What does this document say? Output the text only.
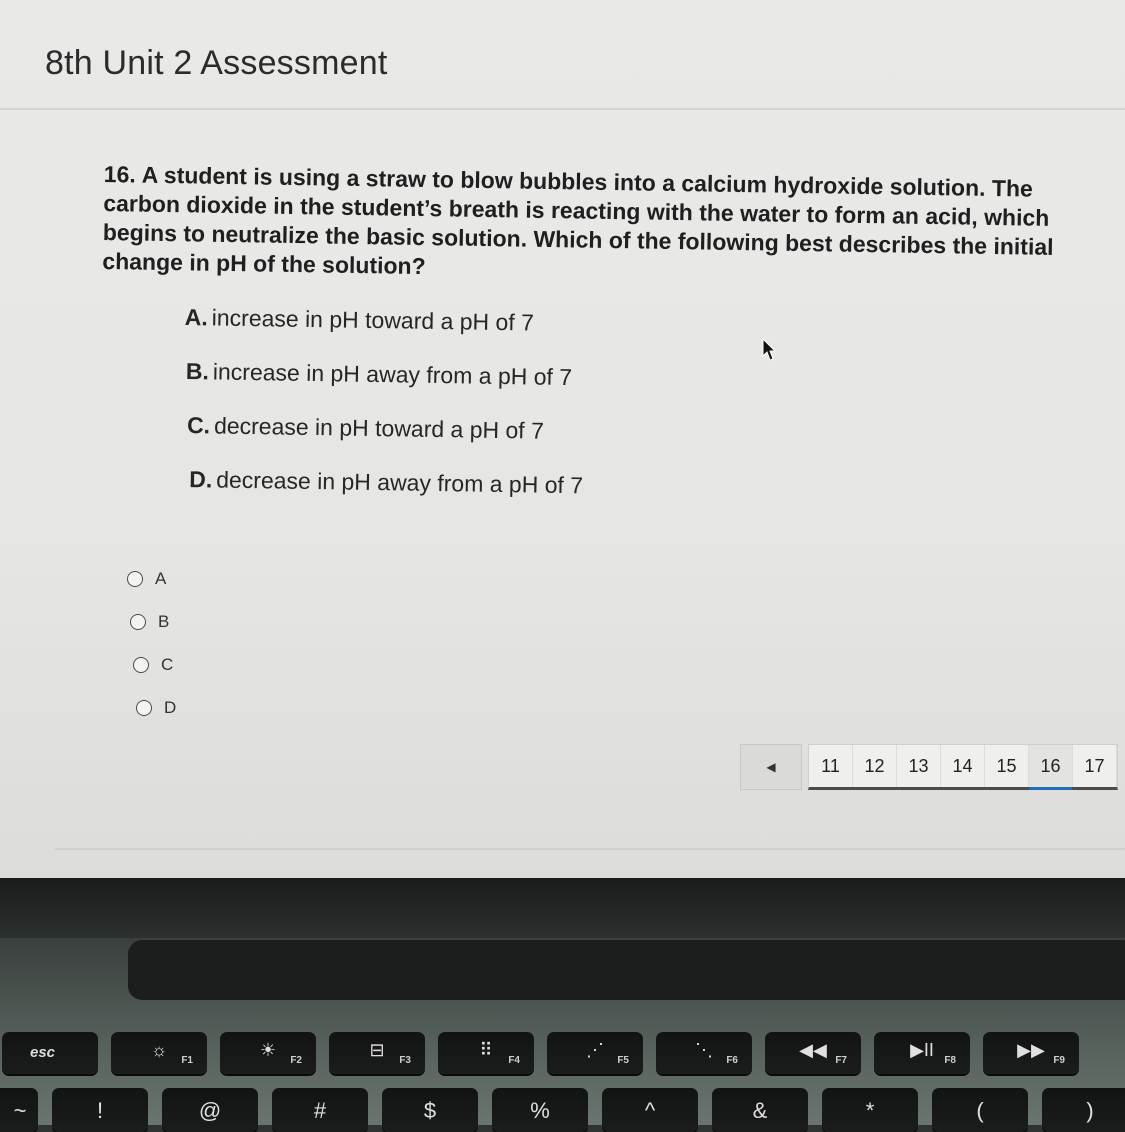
8th Unit 2 Assessment
16. A student is using a straw to blow bubbles into a calcium hydroxide solution. The carbon dioxide in the student’s breath is reacting with the water to form an acid, which begins to neutralize the basic solution. Which of the following best describes the initial change in pH of the solution?
A. increase in pH toward a pH of 7
B. increase in pH away from a pH of 7
C. decrease in pH toward a pH of 7
D. decrease in pH away from a pH of 7
A
B
C
D
◀	11	12	13	14	15	16	17
esc	☼
F1
☀
F2
⊟
F3
⠿
F4
⋰
F5
⋱
F6
◀◀
F7
▶II
F8
▶▶
F9
~	!	@	#	$	%	^	&	*	(	)
